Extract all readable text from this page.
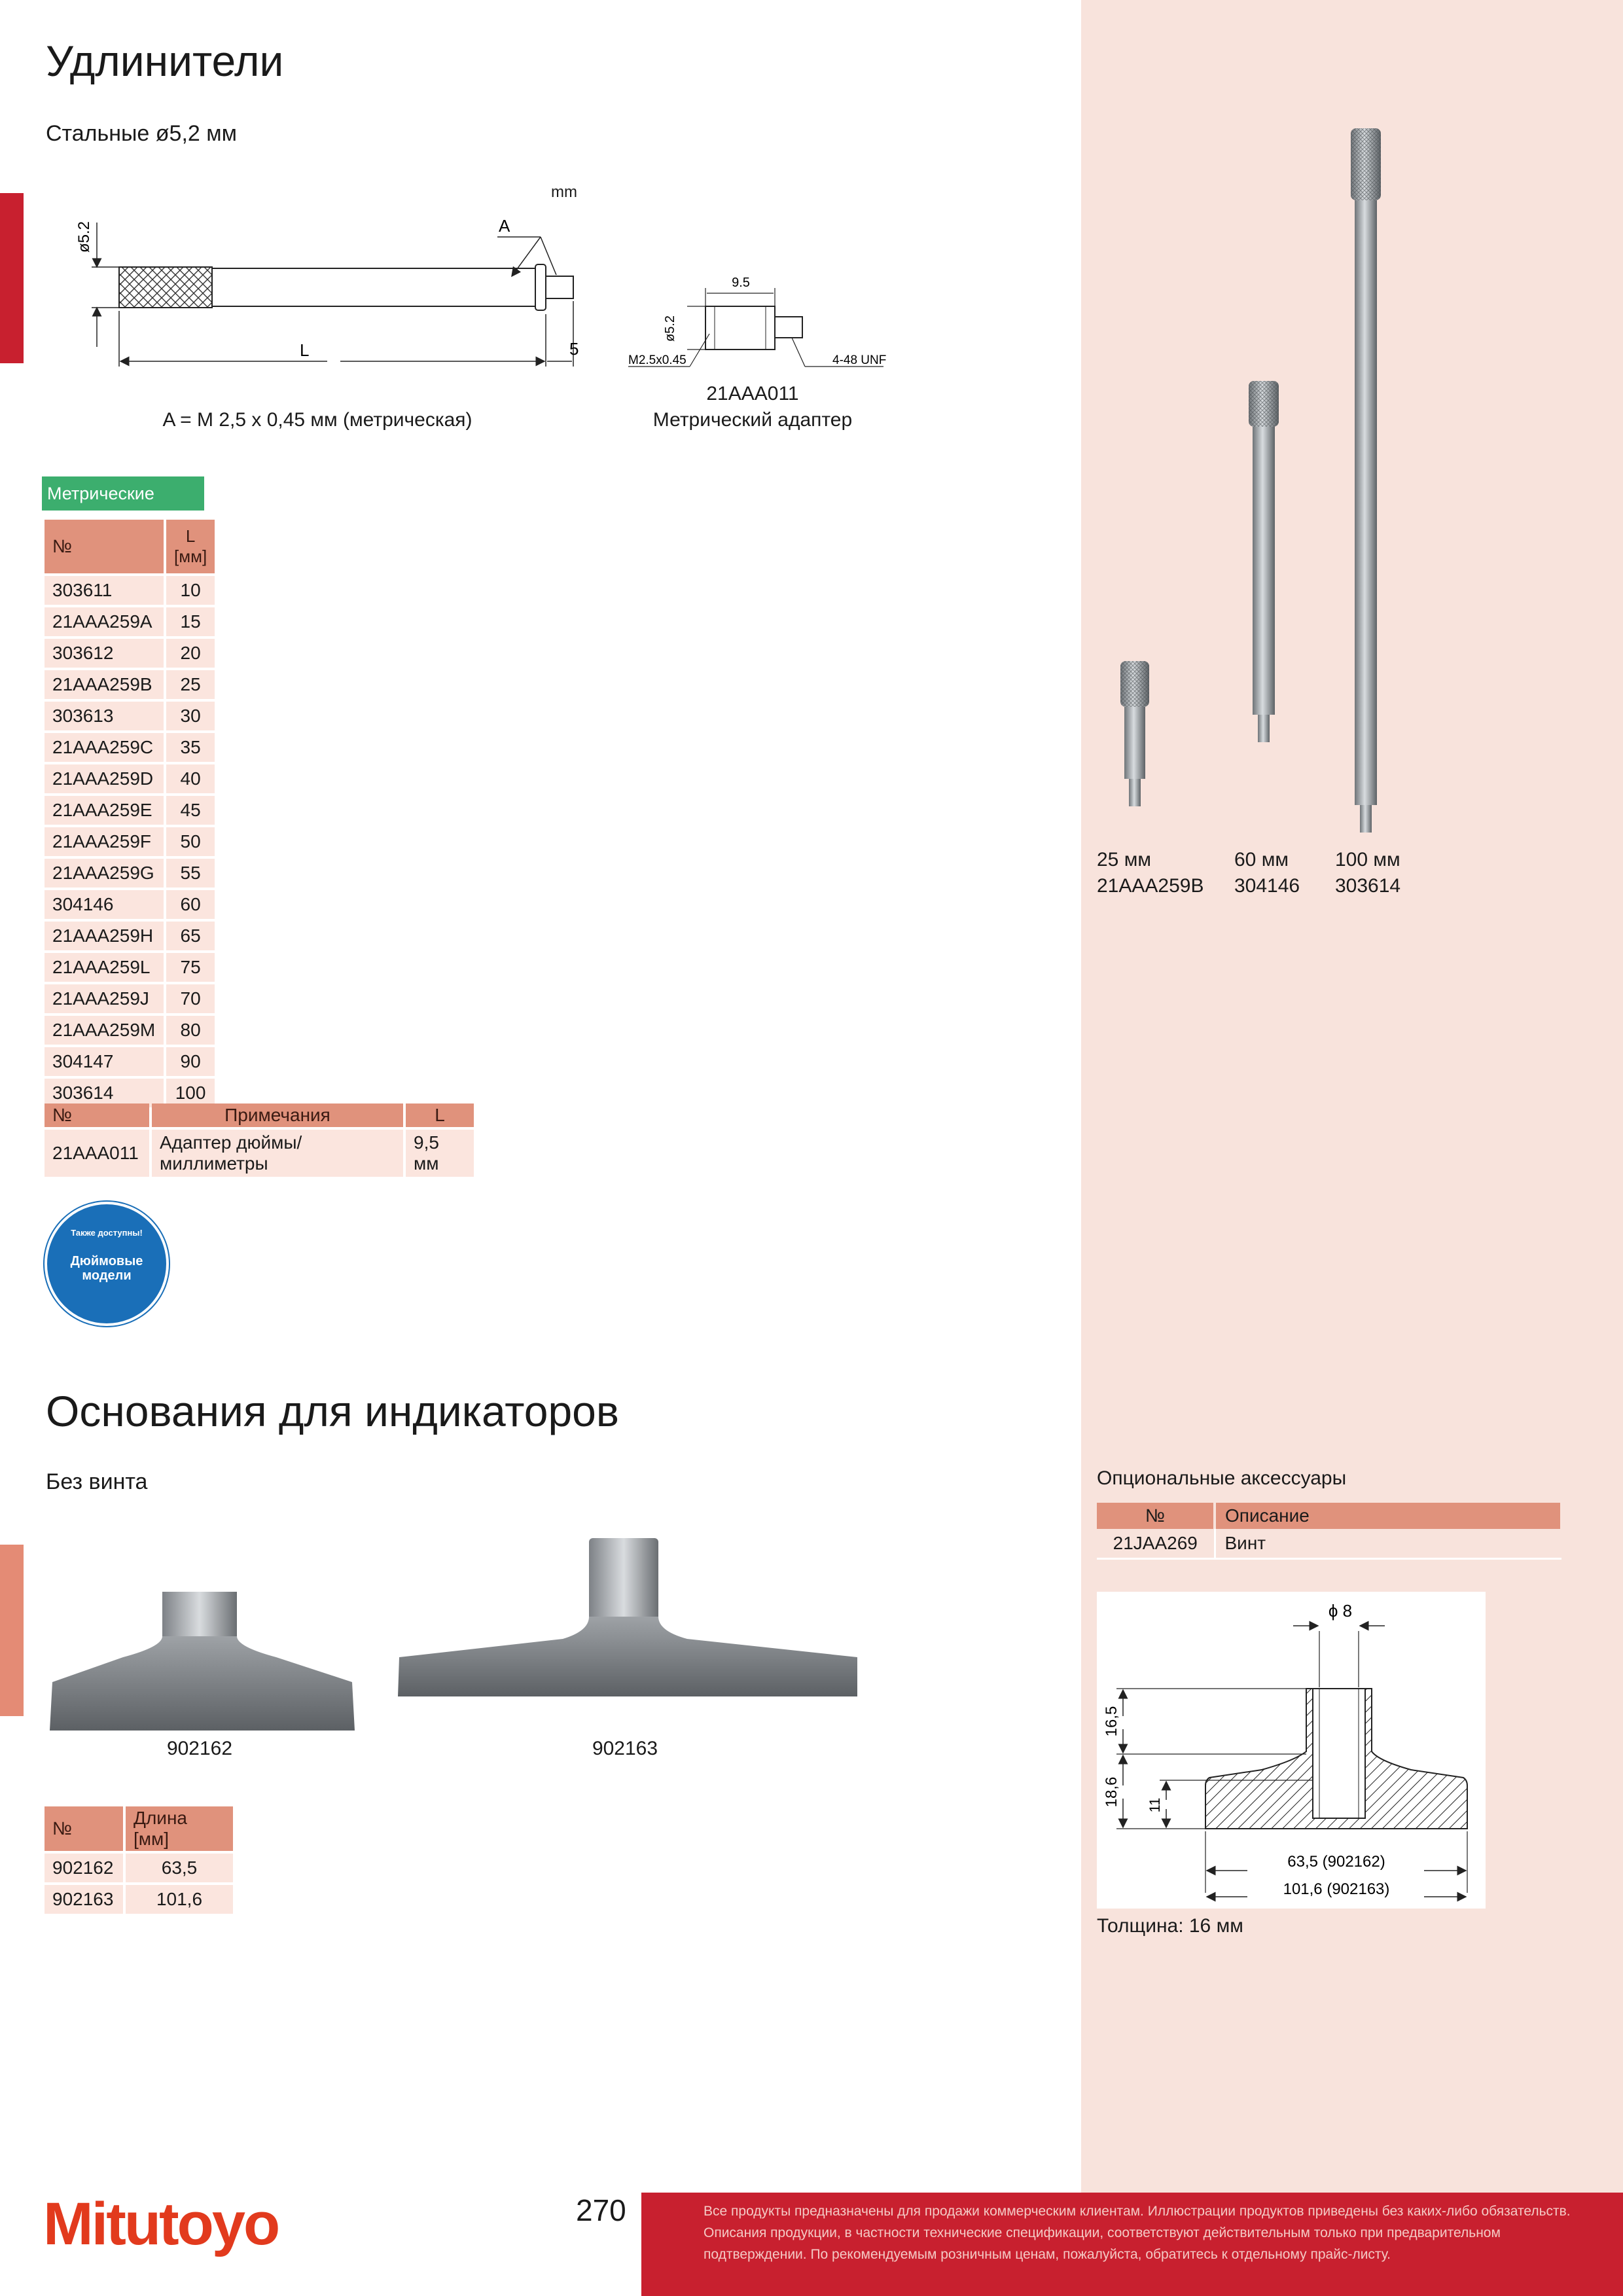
Удлинители
Стальные ø5,2 мм
ø5.2
L	5
A
mm
A = M 2,5 x 0,45 мм (метрическая)
9.5
ø5.2
M2.5x0.45	4-48 UNF
21AAA011
Метрический адаптер
Метрические
№	L [мм]
303611	10
21AAA259A	15
303612	20
21AAA259B	25
303613	30
21AAA259C	35
21AAA259D	40
21AAA259E	45
21AAA259F	50
21AAA259G	55
304146	60
21AAA259H	65
21AAA259L	75
21AAA259J	70
21AAA259M	80
304147	90
303614	100
№	Примечания	L
21AAA011	Адаптер дюймы/миллиметры	9,5 мм
Также доступны!
Дюймовые модели
25 мм
21AAA259B
60 мм
304146
100 мм
303614
Основания для индикаторов
Без винта
902162	902163
№	Длина [мм]
902162	63,5
902163	101,6
Опциональные аксессуары
№	Описание
21JAA269	Винт
ϕ 8
16,5
18,6 11
63,5 (902162)
101,6 (902163)
Толщина: 16 мм
Mitutoyo	270	Все продукты предназначены для продажи коммерческим клиентам. Иллюстрации продуктов приведены без каких-либо обязательств. Описания продукции, в частности технические спецификации, соответствуют действительным только при предварительном подтверждении. По рекомендуемым розничным ценам, пожалуйста, обратитесь к отдельному прайс-листу.
